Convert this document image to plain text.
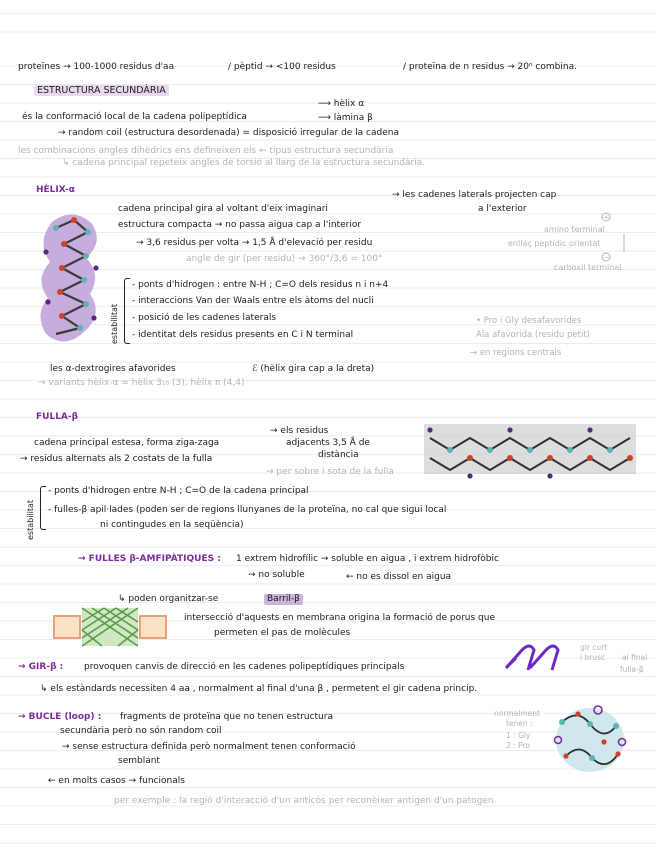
proteïnes → 100-1000 residus d'aa	/ pèptid → <100 residus	/ proteïna de n residus → 20ⁿ combina.
ESTRUCTURA SECUNDÀRIA
és la conformació local de la cadena polipeptídica
⟶ hèlix α
⟶ làmina β
→ random coil (estructura desordenada) = disposició irregular de la cadena
les combinacions angles dihèdrics ens defineixen els ← tipus estructura secundària
↳ cadena principal repeteix angles de torsió al llarg de la estructura secundària.
HÈLIX-α
cadena principal gira al voltant d'eix imaginari
→ les cadenes laterals projecten cap
a l'exterior
estructura compacta → no passa aigua cap a l'interior
→ 3,6 residus per volta → 1,5 Å d'elevació per residu
angle de gir (per residu) → 360°/3,6 = 100°
amino terminal
enllaç peptídic orientat
carboxil terminal
+
−
estabilitat
- ponts d'hidrogen : entre N-H ; C=O dels residus n i n+4
- interaccions Van der Waals entre els àtoms del nucli
- posició de les cadenes laterals
- identitat dels residus presents en C i N terminal
• Pro i Gly desafavorides
Ala afavorida (residu petit)
→ en regions centrals
les α-dextrogires afavorides	ℰ (hèlix gira cap a la dreta)
→ variants hèlix-α = hèlix 3₁₀ (3), hèlix π (4,4)
FULLA-β
cadena principal estesa, forma ziga-zaga
→ els residus
adjacents 3,5 Å de
distància
→ residus alternats als 2 costats de la fulla
→ per sobre i sota de la fulla
estabilitat
- ponts d'hidrogen entre N-H ; C=O de la cadena principal
- fulles-β apil·lades (poden ser de regions llunyanes de la proteïna, no cal que sigui local
ni contingudes en la seqüència)
→ FULLES β-AMFIPÀTIQUES : 1 extrem hidrofílic → soluble en aigua , i extrem hidrofòbic
→ no soluble	← no es dissol en aigua
↳ poden organitzar-se	Barril-β
intersecció d'aquests en membrana origina la formació de porus que
permeten el pas de molècules
→ GIR-β : provoquen canvis de direcció en les cadenes polipeptídiques principals
gir curt
i brusc al final
fulla-β
↳ els estàndards necessiten 4 aa , normalment al final d'una β , permetent el gir cadena princip.
→ BUCLE (loop) : fragments de proteïna que no tenen estructura
secundària però no són random coil
→ sense estructura definida però normalment tenen conformació
semblant
normalment
tenen :
1 : Gly
2 : Pro
← en molts casos → funcionals
per exemple : la regió d'interacció d'un anticòs per reconèixer antigen d'un patogen
